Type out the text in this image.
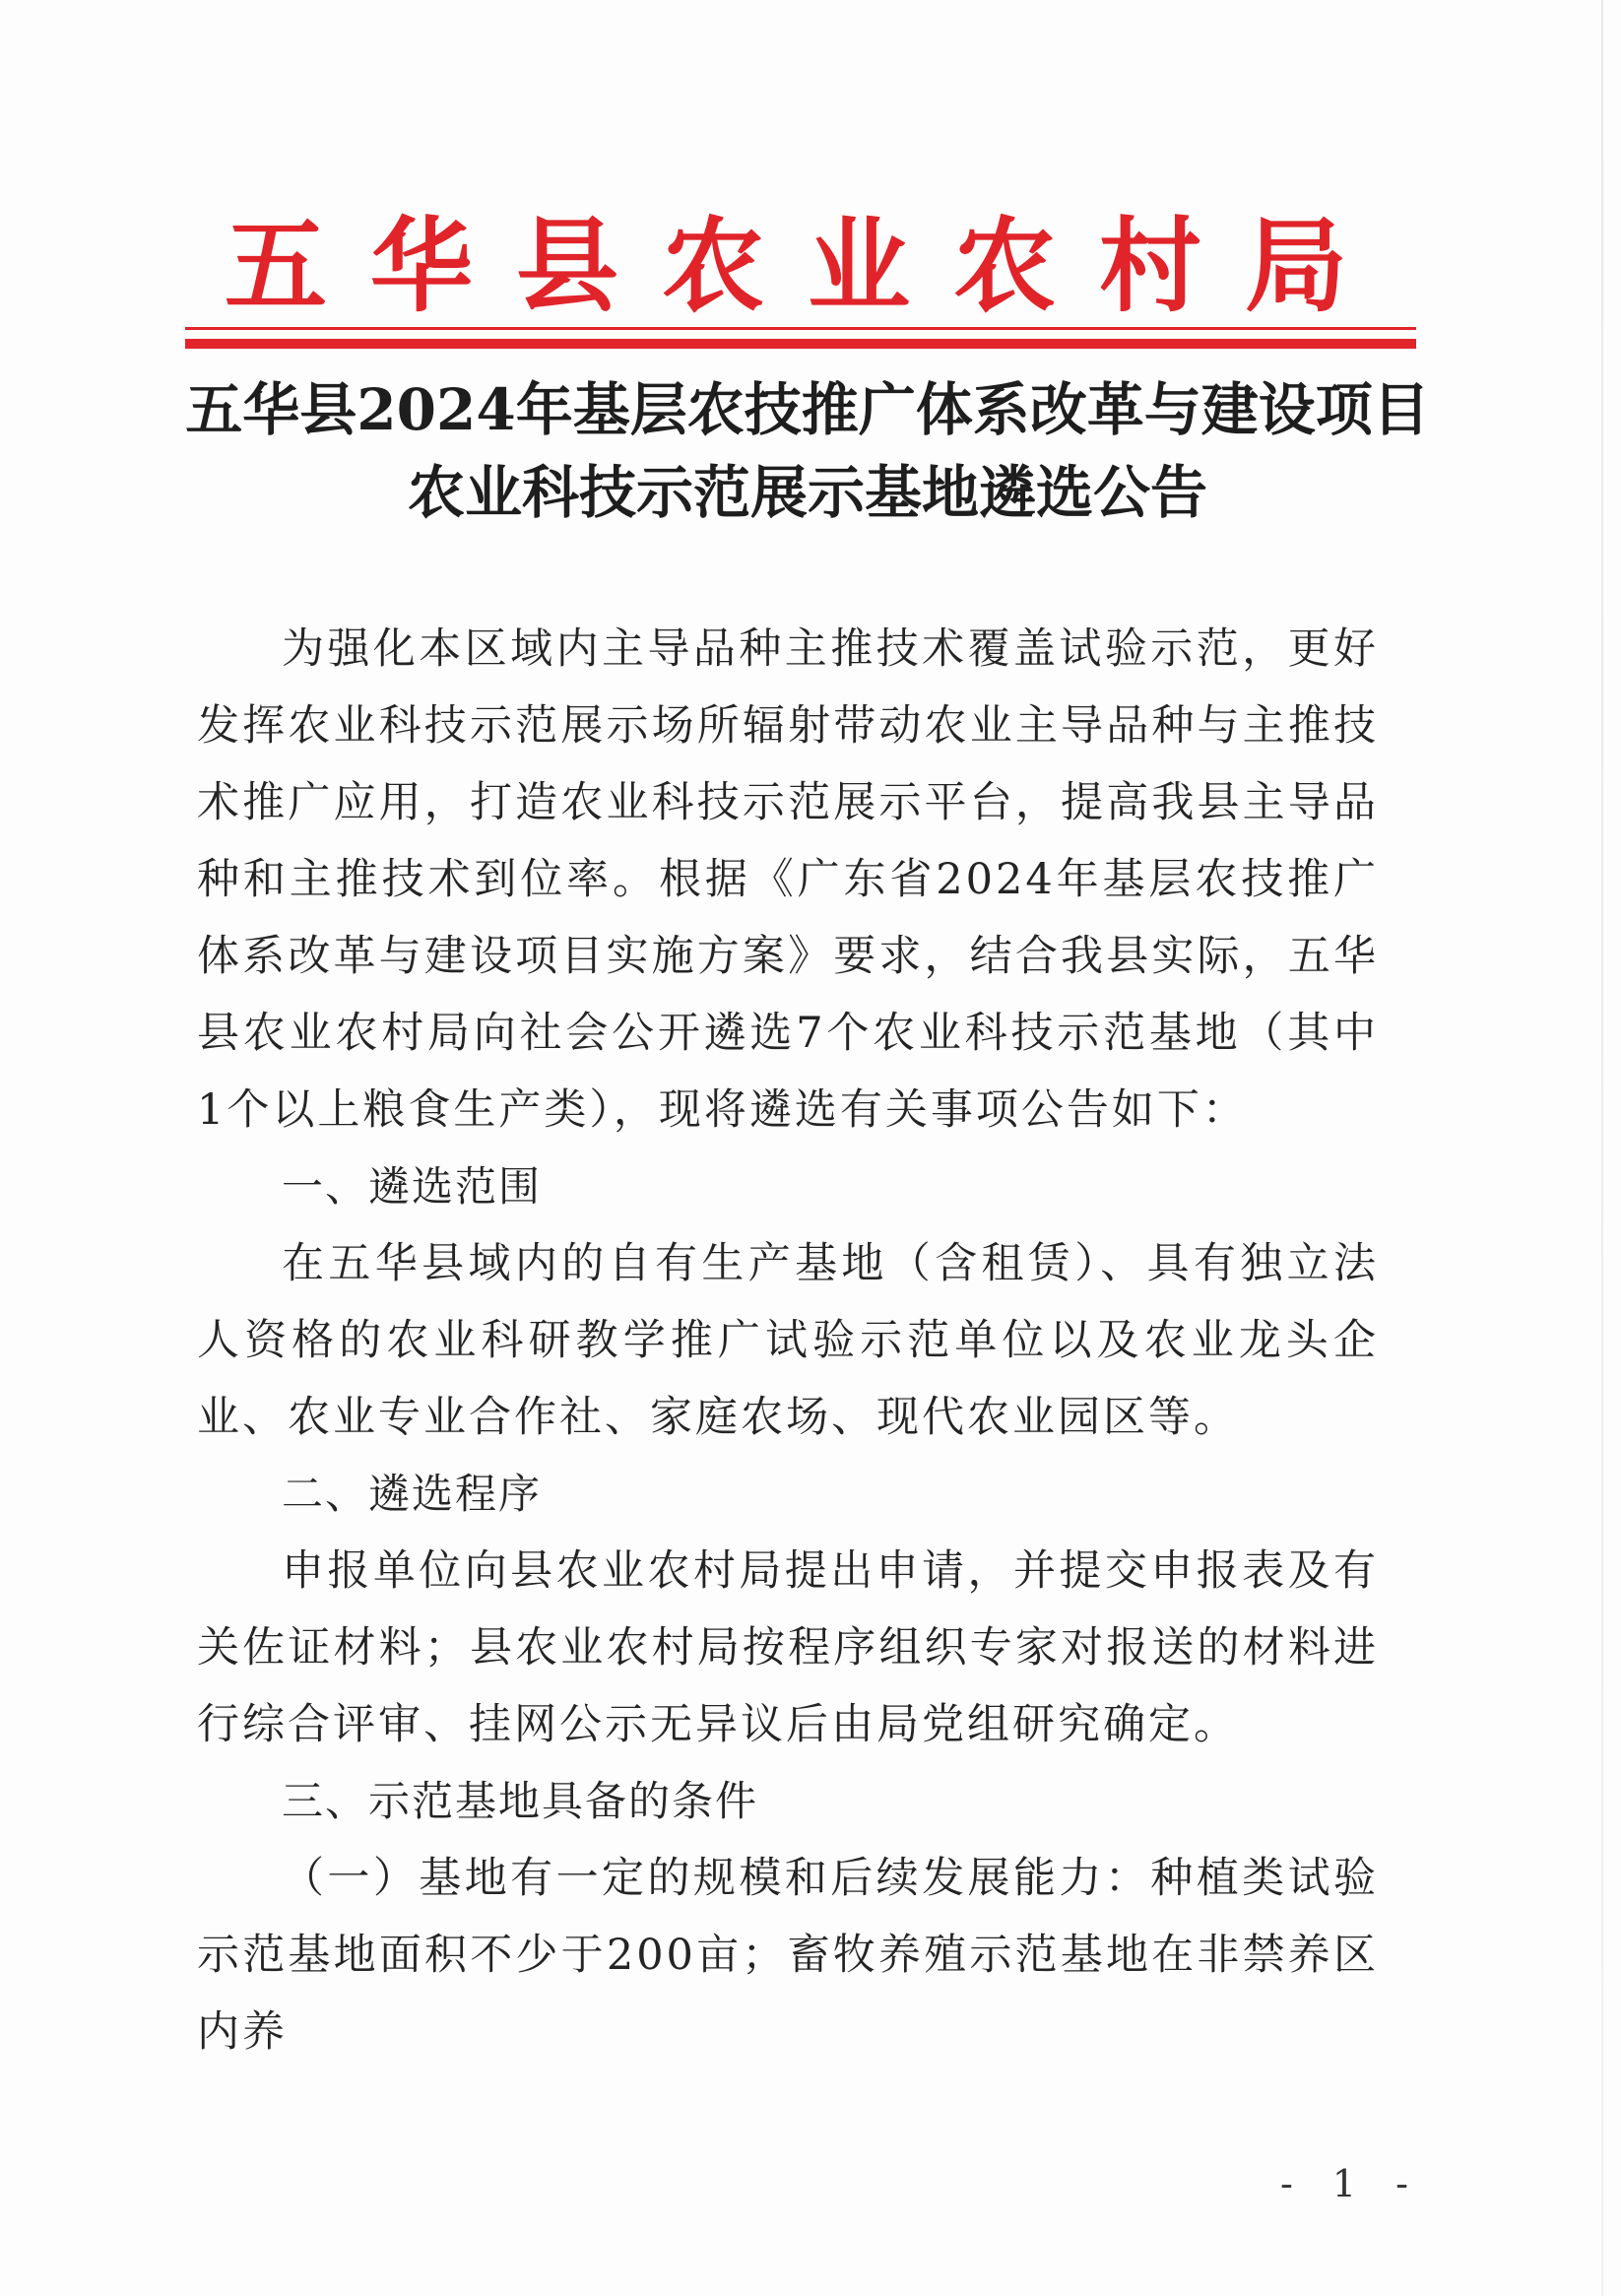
五华县农业农村局
五华县2024年基层农技推广体系改革与建设项目
农业科技示范展示基地遴选公告

为强化本区域内主导品种主推技术覆盖试验示范，更好发挥农业科技示范展示场所辐射带动农业主导品种与主推技术推广应用，打造农业科技示范展示平台，提高我县主导品种和主推技术到位率。根据《广东省2024年基层农技推广体系改革与建设项目实施方案》要求，结合我县实际，五华县农业农村局向社会公开遴选7个农业科技示范基地（其中1个以上粮食生产类），现将遴选有关事项公告如下：

一、遴选范围

在五华县域内的自有生产基地（含租赁）、具有独立法人资格的农业科研教学推广试验示范单位以及农业龙头企业、农业专业合作社、家庭农场、现代农业园区等。

二、遴选程序

申报单位向县农业农村局提出申请，并提交申报表及有关佐证材料；县农业农村局按程序组织专家对报送的材料进行综合评审、挂网公示无异议后由局党组研究确定。

三、示范基地具备的条件

（一）基地有一定的规模和后续发展能力：种植类试验示范基地面积不少于200亩；畜牧养殖示范基地在非禁养区内养

- 1 -
